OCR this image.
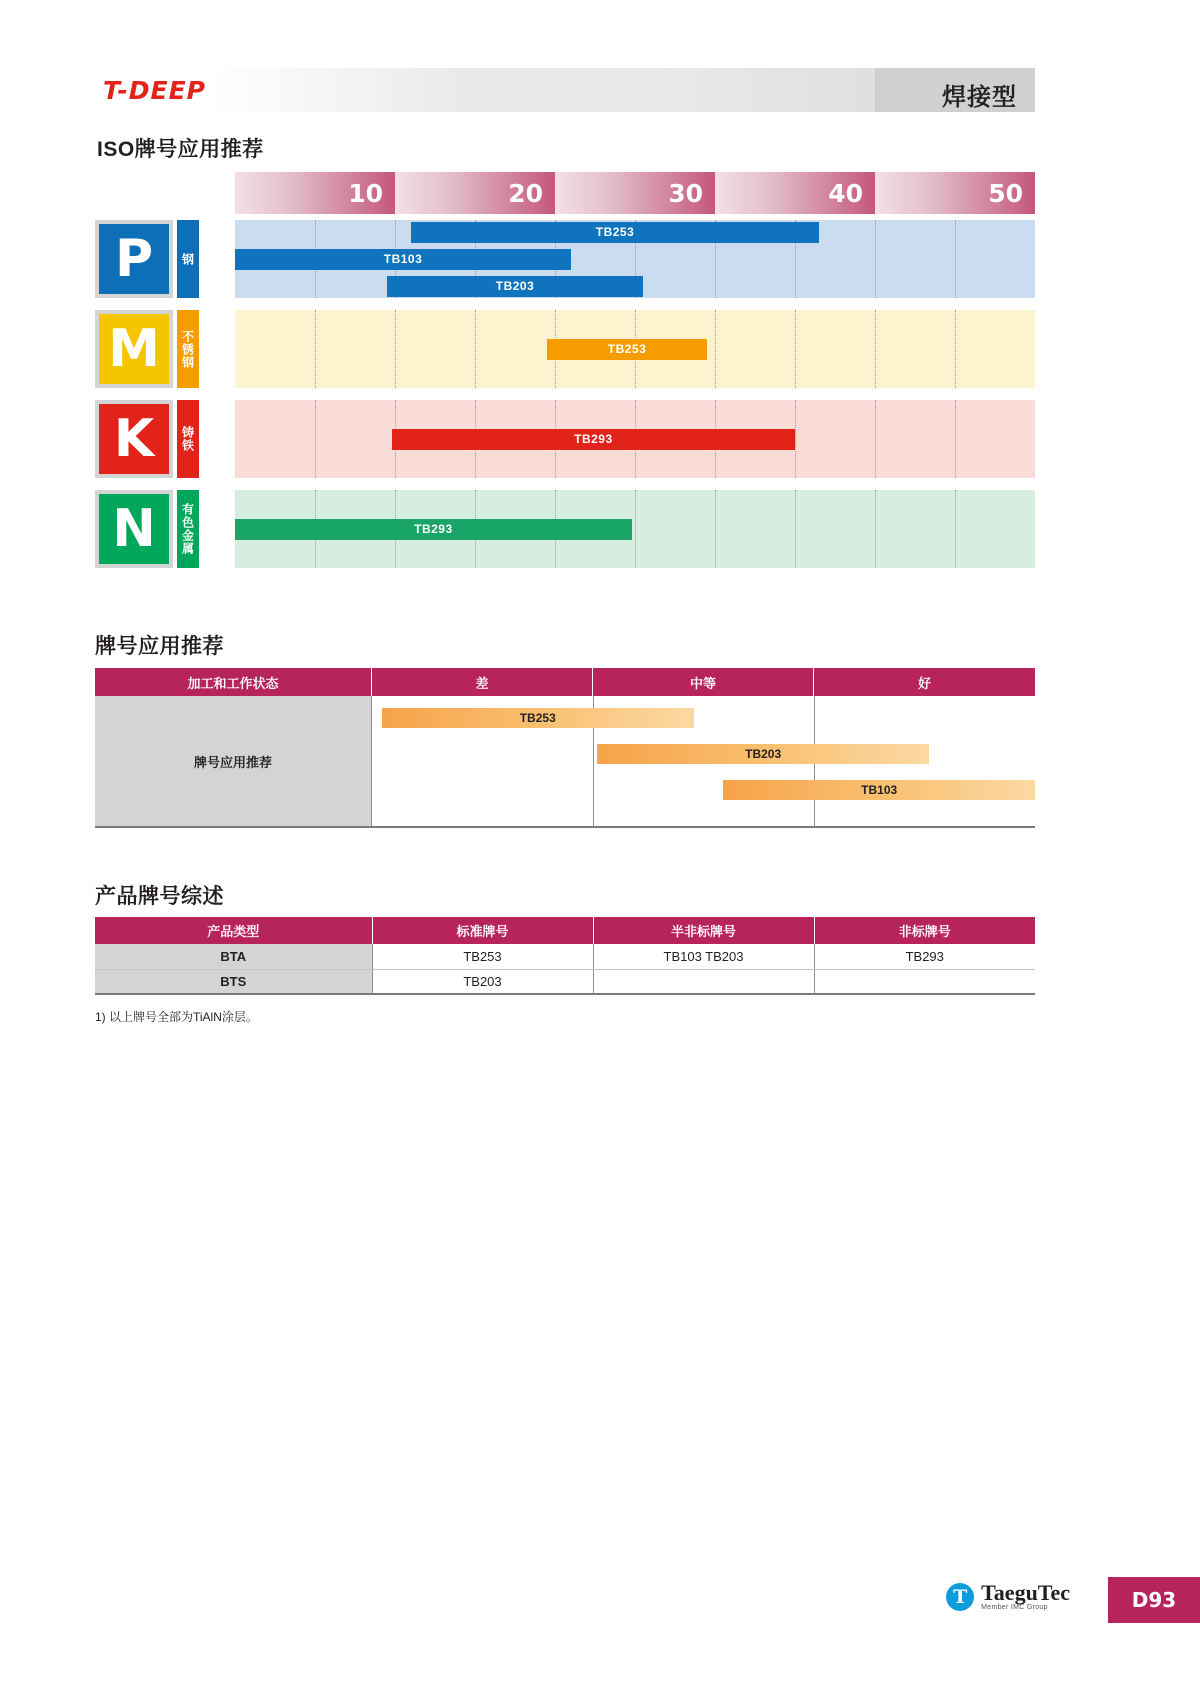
焊接型
T-DEEP
ISO牌号应用推荐
10	20	30	40	50
P	钢
TB253
TB103
TB203
M	不锈钢	TB253
K	铸铁	TB293
N	有色金属	TB293
牌号应用推荐
加工和工作状态	差	中等	好
牌号应用推荐
TB253
TB203
TB103
产品牌号综述
产品类型	标准牌号	半非标牌号	非标牌号
BTA	TB253	TB103 TB203	TB293
BTS	TB203		
1) 以上牌号全部为TiAlN涂层。
T TaeguTec
Member IMC Group	D93
